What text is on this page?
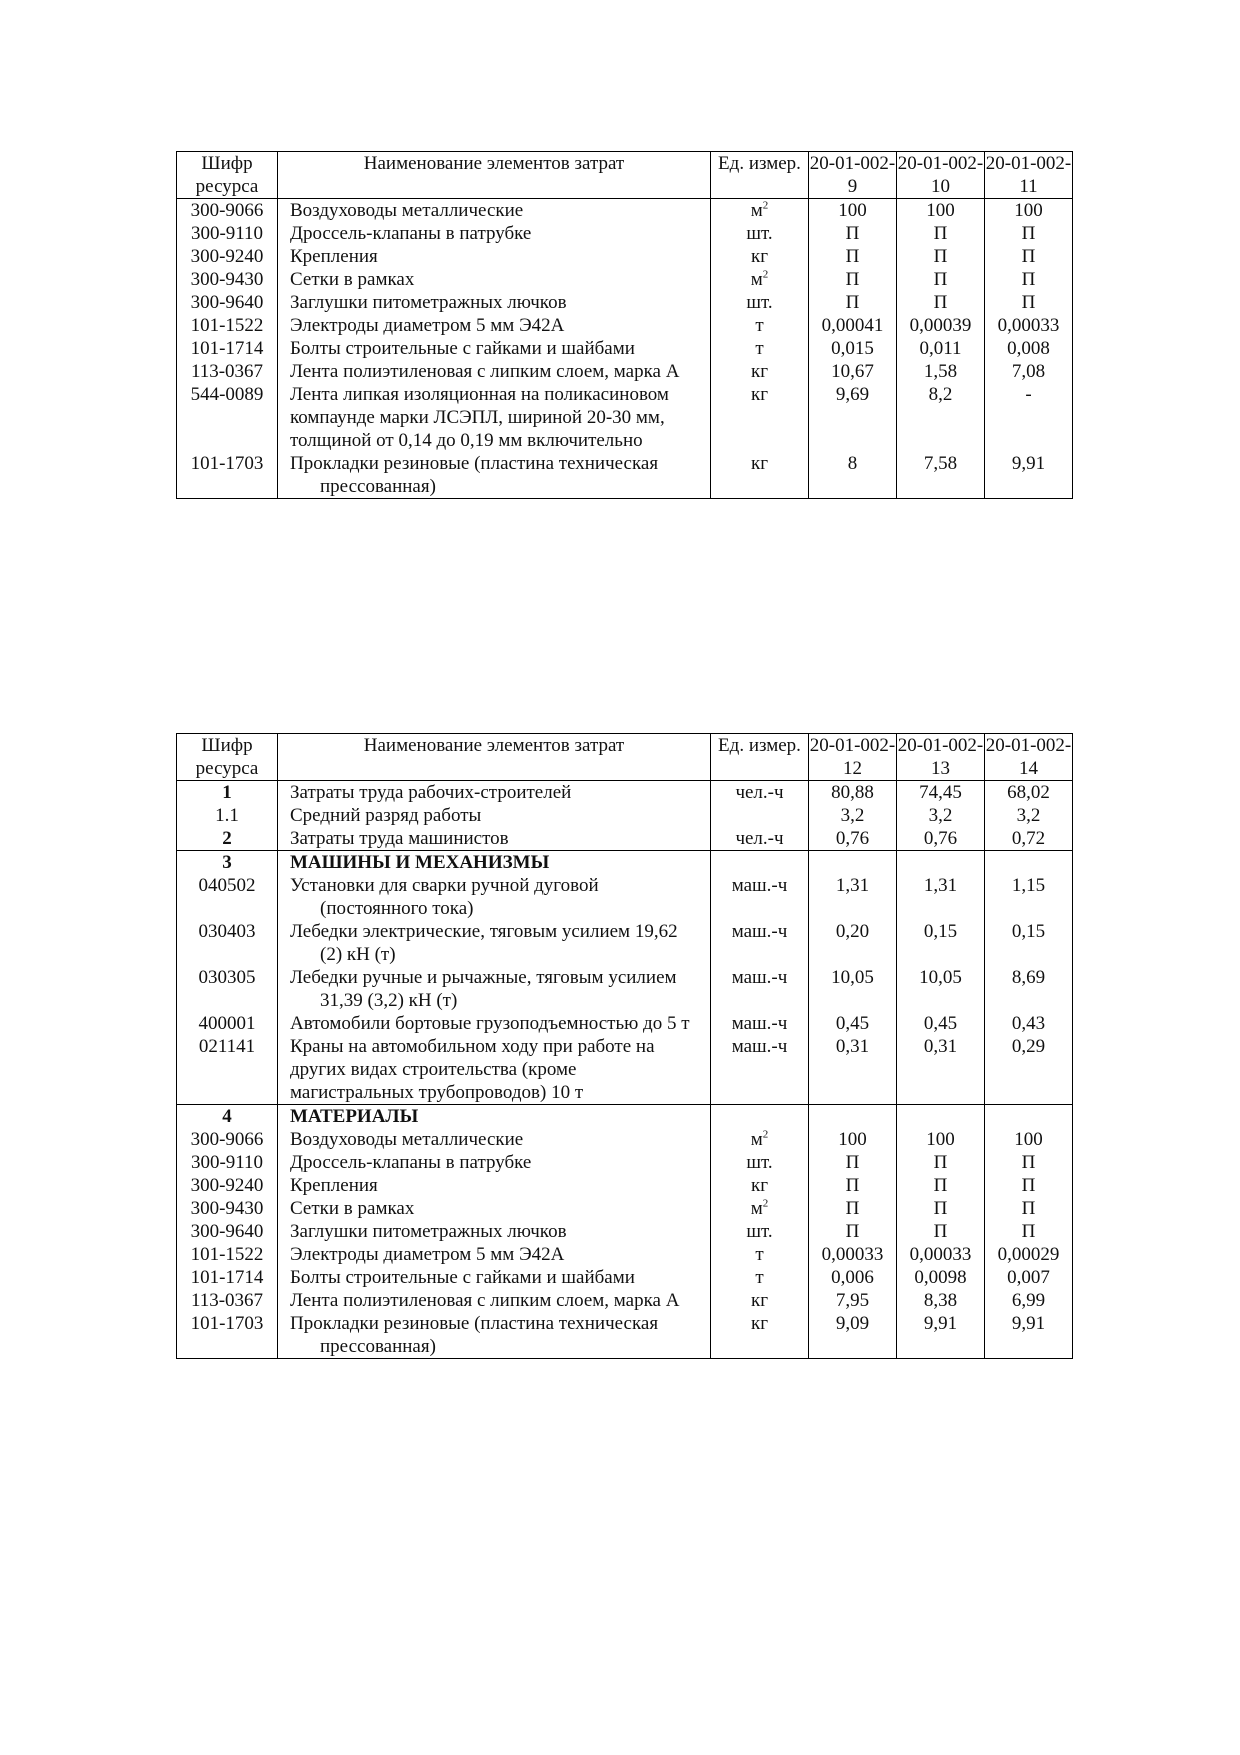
Шифр ресурса	Наименование элементов затрат	Ед. измер.	20-01-002-9	20-01-002-10	20-01-002-11
300-9066	Воздуховоды металлические	$м^2$	100	100	100
300-9110	Дроссель-клапаны в патрубке	шт.	П	П	П
300-9240	Крепления	кг	П	П	П
300-9430	Сетки в рамках	$м^2$	П	П	П
300-9640	Заглушки питометражных лючков	шт.	П	П	П
101-1522	Электроды диаметром 5 мм Э42А	т	0,00041	0,00039	0,00033
101-1714	Болты строительные с гайками и шайбами	т	0,015	0,011	0,008
113-0367	Лента полиэтиленовая с липким слоем, марка А	кг	10,67	1,58	7,08
544-0089	Лента липкая изоляционная на поликасиновом компаунде марки ЛСЭПЛ, шириной 20-30 мм, толщиной от 0,14 до 0,19 мм включительно	кг	9,69	8,2	-
101-1703	Прокладки резиновые (пластина техническая прессованная)	кг	8	7,58	9,91
Шифр ресурса	Наименование элементов затрат	Ед. измер.	20-01-002-12	20-01-002-13	20-01-002-14
1	Затраты труда рабочих-строителей	чел.-ч	80,88	74,45	68,02
1.1	Средний разряд работы		3,2	3,2	3,2
2	Затраты труда машинистов	чел.-ч	0,76	0,76	0,72
3	МАШИНЫ И МЕХАНИЗМЫ				
040502	Установки для сварки ручной дуговой (постоянного тока)	маш.-ч	1,31	1,31	1,15
030403	Лебедки электрические, тяговым усилием 19,62 (2) кН (т)	маш.-ч	0,20	0,15	0,15
030305	Лебедки ручные и рычажные, тяговым усилием 31,39 (3,2) кН (т)	маш.-ч	10,05	10,05	8,69
400001	Автомобили бортовые грузоподъемностью до 5 т	маш.-ч	0,45	0,45	0,43
021141	Краны на автомобильном ходу при работе на других видах строительства (кроме магистральных трубопроводов) 10 т	маш.-ч	0,31	0,31	0,29
4	МАТЕРИАЛЫ				
300-9066	Воздуховоды металлические	$м^2$	100	100	100
300-9110	Дроссель-клапаны в патрубке	шт.	П	П	П
300-9240	Крепления	кг	П	П	П
300-9430	Сетки в рамках	$м^2$	П	П	П
300-9640	Заглушки питометражных лючков	шт.	П	П	П
101-1522	Электроды диаметром 5 мм Э42А	т	0,00033	0,00033	0,00029
101-1714	Болты строительные с гайками и шайбами	т	0,006	0,0098	0,007
113-0367	Лента полиэтиленовая с липким слоем, марка А	кг	7,95	8,38	6,99
101-1703	Прокладки резиновые (пластина техническая прессованная)	кг	9,09	9,91	9,91
